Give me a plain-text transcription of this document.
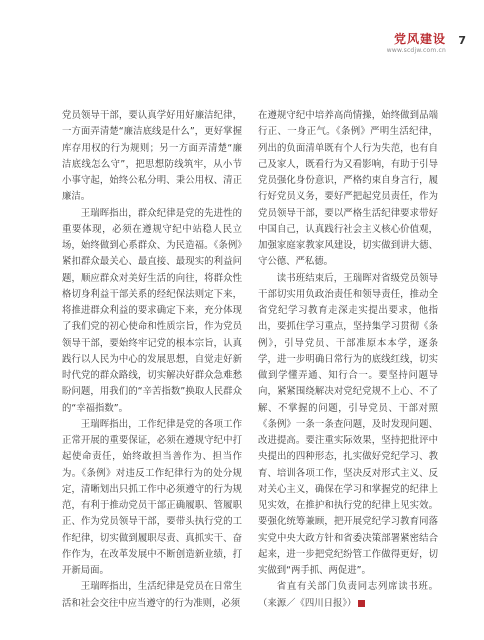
党风建设
www.scdjw.com.cn
7

党员领导干部，要认真学好用好廉洁纪律，一方面弄清楚“廉洁底线是什么”，更好掌握库存用权的行为规则；另一方面弄清楚“廉洁底线怎么守”，把思想防线筑牢，从小节小事守起，始终公私分明、秉公用权、清正廉洁。

王瑞晖指出，群众纪律是党的先进性的重要体现，必须在遵规守纪中站稳人民立场，始终做到心系群众、为民造福。《条例》紧扣群众最关心、最直接、最现实的利益问题，顺应群众对美好生活的向往，将群众性格切身利益干部关系的经纪保法则定下来，将推进群众利益的要求确定下来，充分体现了我们党的初心使命和性质宗旨，作为党员领导干部，要始终牢记党的根本宗旨，认真践行以人民为中心的发展思想，自觉走好新时代党的群众路线，切实解决好群众急难愁盼问题，用我们的“辛苦指数”换取人民群众的“幸福指数”。

王瑞晖指出，工作纪律是党的各项工作正常开展的重要保证，必须在遵规守纪中打起使命责任，始终敢担当善作为、担当作为。《条例》对违反工作纪律行为的处分规定，清晰划出只抓工作中必须遵守的行为规范，有利于推动党员干部正确履职、管履职正、作为党员领导干部，要带头执行党的工作纪律，切实做到履职尽责、真抓实干、奋作作为，在改革发展中不断创造新业绩，打开新局面。

王瑞晖指出，生活纪律是党员在日常生活和社会交往中应当遵守的行为准则，必须

在遵规守纪中培养高尚情操，始终做到品端行正、一身正气。《条例》严明生活纪律，列出的负面清单既有个人行为失范，也有自己及家人，既看行为又看影响，有助于引导党员强化身份意识，严格约束自身言行，履行好党员义务，要好严把起党员责任，作为党员领导干部，要以严格生活纪律要求带好中国自己，认真践行社会主义核心价值观，加强家庭家教家风建设，切实做到讲大德、守公德、严私德。

读书班结束后，王瑞晖对省级党员领导干部切实用负政治责任和领导责任，推动全省党纪学习教育走深走实提出要求，他指出，要抓住学习重点，坚持集学习贯彻《条例》，引导党员、干部准原本本学，逐条学，进一步明确日常行为的底线红线，切实做到学懂弄通、知行合一。要坚持问题导向，紧紧围绕解决对党纪党规不上心、不了解、不掌握的问题，引导党员、干部对照《条例》一条一条查问题，及时发现问题、改进提高。要注重实际效果，坚持把批评中央提出的四种形态，扎实做好党纪学习、教育、培训各项工作，坚决反对形式主义、反对关心主义，确保在学习和掌握党的纪律上见实效，在推护和执行党的纪律上见实效。要强化统筹兼顾，把开展党纪学习教育同落实党中央大政方针和省委决策部署紧密结合起来，进一步把党纪纷管工作做得更好，切实做到“两手抓、两促进”。

省直有关部门负责同志列席读书班。（来源／《四川日报》）
